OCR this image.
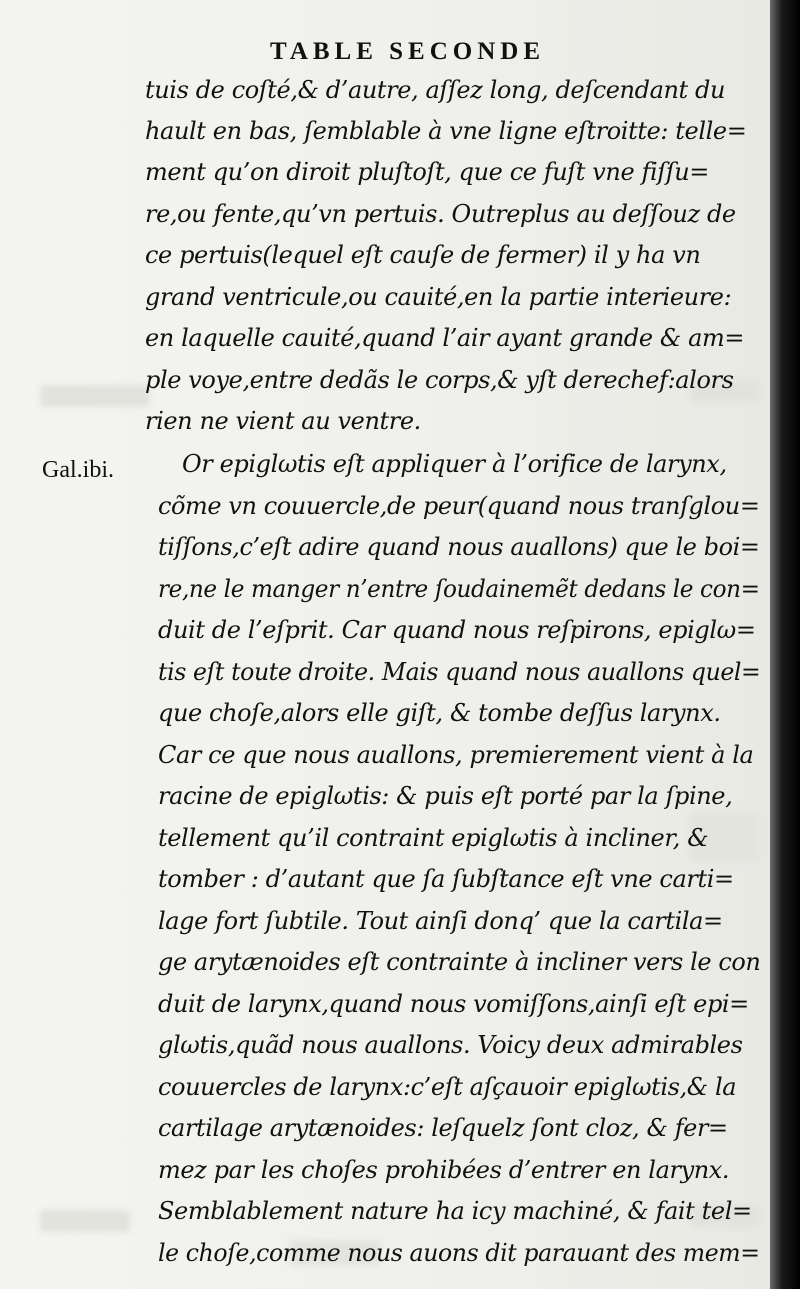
TABLE SECONDE
Gal.ibi.
tuis de coſté,& d’autre, aſſez long, deſcendant du
hault en bas, ſemblable à vne ligne eſtroitte: telle=
ment qu’on diroit pluſtoſt, que ce fuſt vne fiſſu=
re,ou fente,qu’vn pertuis. Outreplus au deſſouz de
ce pertuis(lequel eſt cauſe de fermer) il y ha vn
grand ventricule,ou cauité,en la partie interieure:
en laquelle cauité,quand l’air ayant grande & am=
ple voye,entre dedãs le corps,& yſt derechef:alors
rien ne vient au ventre.
Or epiglωtis eſt appliquer à l’orifice de larynx,
cõme vn couuercle,de peur(quand nous tranſglou=
tiſſons,c’eſt adire quand nous auallons) que le boi=
re,ne le manger n’entre ſoudainemẽt dedans le con=
duit de l’eſprit. Car quand nous reſpirons, epiglω=
tis eſt toute droite. Mais quand nous auallons quel=
que choſe,alors elle giſt, & tombe deſſus larynx.
Car ce que nous auallons, premierement vient à la
racine de epiglωtis: & puis eſt porté par la ſpine,
tellement qu’il contraint epiglωtis à incliner, &
tomber : d’autant que ſa ſubſtance eſt vne carti=
lage fort ſubtile. Tout ainſi donq’ que la cartila=
ge arytænoides eſt contrainte à incliner vers le con
duit de larynx,quand nous vomiſſons,ainſi eſt epi=
glωtis,quãd nous auallons. Voicy deux admirables
couuercles de larynx:c’eſt aſçauoir epiglωtis,& la
cartilage arytænoides: leſquelz ſont cloz, & fer=
mez par les choſes prohibées d’entrer en larynx.
Semblablement nature ha icy machiné, & fait tel=
le choſe,comme nous auons dit parauant des mem=
